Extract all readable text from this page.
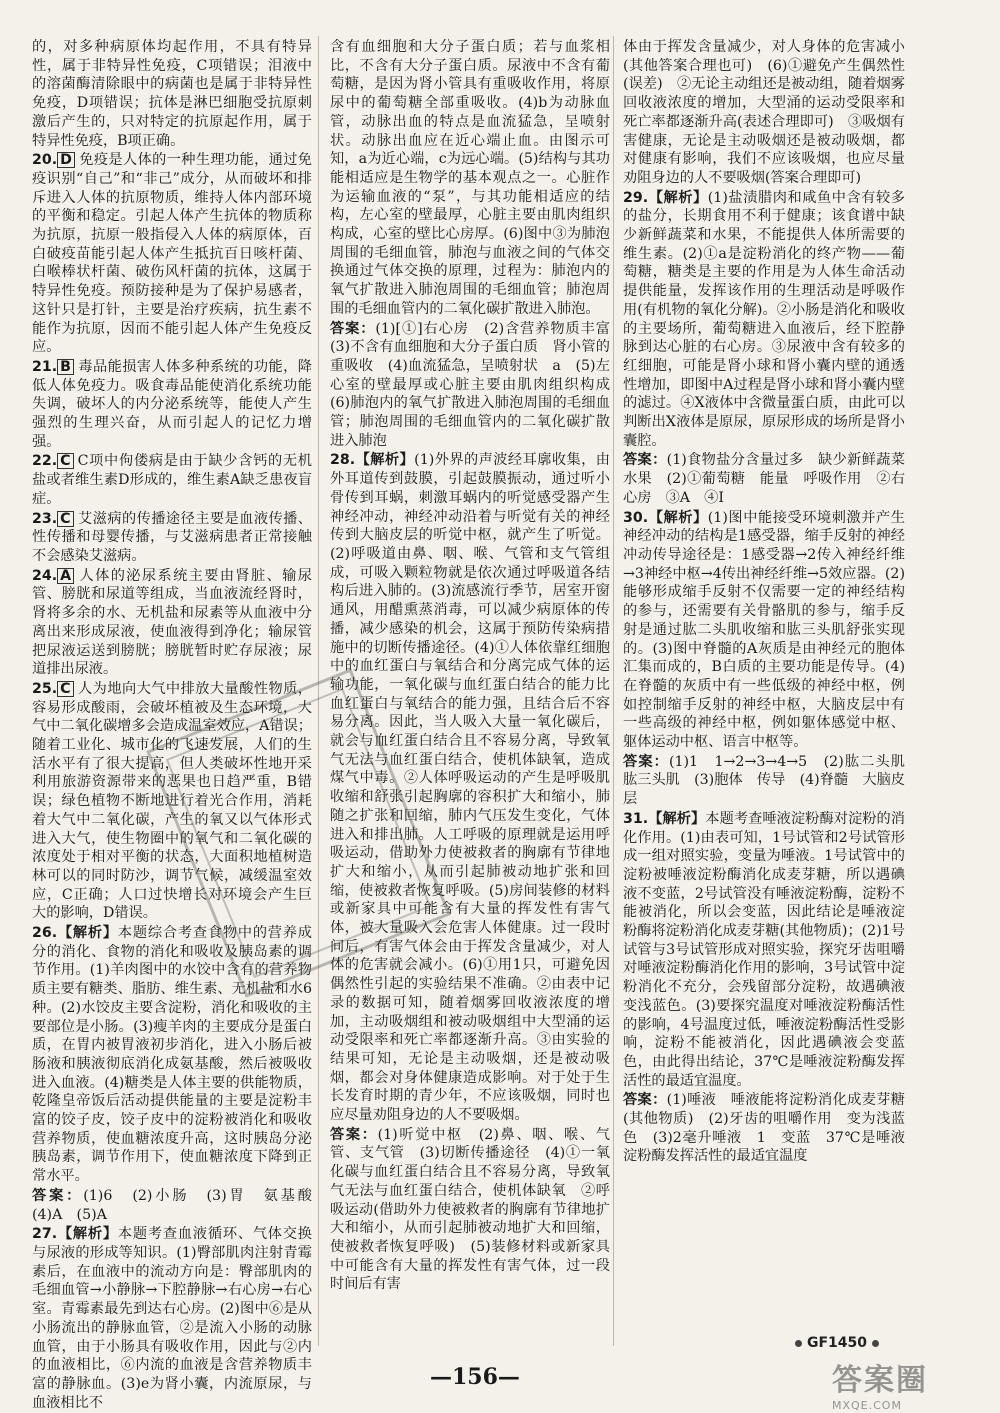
的，对多种病原体均起作用，不具有特异性，属于非特异性免疫，C项错误；泪液中的溶菌酶清除眼中的病菌也是属于非特异性免疫，D项错误；抗体是淋巴细胞受抗原刺激后产生的，只对特定的抗原起作用，属于特异性免疫，B项正确。
20. D 免疫是人体的一种生理功能，通过免疫识别“自己”和“非己”成分，从而破坏和排斥进入人体的抗原物质，维持人体内部环境的平衡和稳定。引起人体产生抗体的物质称为抗原，抗原一般指侵入人体的病原体，百白破疫苗能引起人体产生抵抗百日咳杆菌、白喉棒状杆菌、破伤风杆菌的抗体，这属于特异性免疫。预防接种是为了保护易感者，这针只是打针，主要是治疗疾病，抗生素不能作为抗原，因而不能引起人体产生免疫反应。
21. B 毒品能损害人体多种系统的功能，降低人体免疫力。吸食毒品能使消化系统功能失调，破坏人的内分泌系统等，能使人产生强烈的生理兴奋，从而引起人的记忆力增强。
22. C C项中佝偻病是由于缺少含钙的无机盐或者维生素D形成的，维生素A缺乏患夜盲症。
23. C 艾滋病的传播途径主要是血液传播、性传播和母婴传播，与艾滋病患者正常接触不会感染艾滋病。
24. A 人体的泌尿系统主要由肾脏、输尿管、膀胱和尿道等组成，当血液流经肾时，肾将多余的水、无机盐和尿素等从血液中分离出来形成尿液，使血液得到净化；输尿管把尿液运送到膀胱；膀胱暂时贮存尿液；尿道排出尿液。
25. C 人为地向大气中排放大量酸性物质，容易形成酸雨，会破坏植被及生态环境，大气中二氧化碳增多会造成温室效应，A错误；随着工业化、城市化的飞速发展，人们的生活水平有了很大提高，但人类破坏性地开采利用旅游资源带来的恶果也日趋严重，B错误；绿色植物不断地进行着光合作用，消耗着大气中二氧化碳，产生的氧又以气体形式进入大气，使生物圈中的氧气和二氧化碳的浓度处于相对平衡的状态，大面积地植树造林可以的同时防沙，调节气候，减缓温室效应，C正确；人口过快增长对环境会产生巨大的影响，D错误。
26.【解析】本题综合考查食物中的营养成分的消化、食物的消化和吸收及胰岛素的调节作用。(1)羊肉图中的水饺中含有的营养物质主要有糖类、脂肪、维生素、无机盐和水6种。(2)水饺皮主要含淀粉，消化和吸收的主要部位是小肠。(3)瘦羊肉的主要成分是蛋白质，在胃内被胃液初步消化，进入小肠后被肠液和胰液彻底消化成氨基酸，然后被吸收进入血液。(4)糖类是人体主要的供能物质，乾隆皇帝饭后活动提供能量的主要是淀粉丰富的饺子皮，饺子皮中的淀粉被消化和吸收营养物质，使血糖浓度升高，这时胰岛分泌胰岛素，调节作用下，使血糖浓度下降到正常水平。
答案：(1)6　(2)小肠　(3)胃　氨基酸　(4)A　(5)A
27.【解析】本题考查血液循环、气体交换与尿液的形成等知识。(1)臀部肌肉注射青霉素后，在血液中的流动方向是：臀部肌肉的毛细血管→小静脉→下腔静脉→右心房→右心室。青霉素最先到达右心房。(2)图中⑥是从小肠流出的静脉血管，②是流入小肠的动脉血管，由于小肠具有吸收作用，因此与②内的血液相比，⑥内流的血液是含营养物质丰富的静脉血。(3)e为肾小囊，内流原尿，与血液相比不
含有血细胞和大分子蛋白质；若与血浆相比，不含有大分子蛋白质。尿液中不含有葡萄糖，是因为肾小管具有重吸收作用，将原尿中的葡萄糖全部重吸收。(4)b为动脉血管，动脉出血的特点是血流猛急，呈喷射状。动脉出血应在近心端止血。由图示可知，a为近心端，c为远心端。(5)结构与其功能相适应是生物学的基本观点之一。心脏作为运输血液的“泵”，与其功能相适应的结构，左心室的壁最厚，心脏主要由肌肉组织构成，心室的壁比心房厚。(6)图中③为肺泡周围的毛细血管，肺泡与血液之间的气体交换通过气体交换的原理，过程为：肺泡内的氧气扩散进入肺泡周围的毛细血管；肺泡周围的毛细血管内的二氧化碳扩散进入肺泡。
答案：(1)[①]右心房　(2)含营养物质丰富　(3)不含有血细胞和大分子蛋白质　肾小管的重吸收　(4)血流猛急，呈喷射状　a　(5)左心室的壁最厚或心脏主要由肌肉组织构成　(6)肺泡内的氧气扩散进入肺泡周围的毛细血管；肺泡周围的毛细血管内的二氧化碳扩散进入肺泡
28.【解析】(1)外界的声波经耳廓收集，由外耳道传到鼓膜，引起鼓膜振动，通过听小骨传到耳蜗，刺激耳蜗内的听觉感受器产生神经冲动，神经冲动沿着与听觉有关的神经传到大脑皮层的听觉中枢，就产生了听觉。(2)呼吸道由鼻、咽、喉、气管和支气管组成，可吸入颗粒物就是依次通过呼吸道各结构后进入肺的。(3)流感流行季节，居室开窗通风，用醋熏蒸消毒，可以减少病原体的传播，减少感染的机会，这属于预防传染病措施中的切断传播途径。(4)①人体依靠红细胞中的血红蛋白与氧结合和分离完成气体的运输功能，一氧化碳与血红蛋白结合的能力比血红蛋白与氧结合的能力强，且结合后不容易分离。因此，当人吸入大量一氧化碳后，就会与血红蛋白结合且不容易分离，导致氧气无法与血红蛋白结合，使机体缺氧，造成煤气中毒。②人体呼吸运动的产生是呼吸肌收缩和舒张引起胸廓的容积扩大和缩小，肺随之扩张和回缩，肺内气压发生变化，气体进入和排出肺。人工呼吸的原理就是运用呼吸运动，借助外力使被救者的胸廓有节律地扩大和缩小，从而引起肺被动地扩张和回缩，使被救者恢复呼吸。(5)房间装修的材料或新家具中可能含有大量的挥发性有害气体，被大量吸入会危害人体健康。过一段时间后，有害气体会由于挥发含量减少，对人体的危害就会减小。(6)①用1只，可避免因偶然性引起的实验结果不准确。②由表中记录的数据可知，随着烟雾回收液浓度的增加，主动吸烟组和被动吸烟组中大型涌的运动受限率和死亡率都逐渐升高。③由实验的结果可知，无论是主动吸烟，还是被动吸烟，都会对身体健康造成影响。对于处于生长发育时期的青少年，不应该吸烟，同时也应尽量劝阻身边的人不要吸烟。
答案：(1)听觉中枢　(2)鼻、咽、喉、气管、支气管　(3)切断传播途径　(4)①一氧化碳与血红蛋白结合且不容易分离，导致氧气无法与血红蛋白结合，使机体缺氧　②呼吸运动(借助外力使被救者的胸廓有节律地扩大和缩小，从而引起肺被动地扩大和回缩，使被救者恢复呼吸)　(5)装修材料或新家具中可能含有大量的挥发性有害气体，过一段时间后有害
体由于挥发含量减少，对人身体的危害减小(其他答案合理也可)　(6)①避免产生偶然性(误差)　②无论主动组还是被动组，随着烟雾回收液浓度的增加，大型涌的运动受限率和死亡率都逐渐升高(表述合理即可)　③吸烟有害健康，无论是主动吸烟还是被动吸烟，都对健康有影响，我们不应该吸烟，也应尽量劝阻身边的人不要吸烟(答案合理即可)
29.【解析】(1)盐渍腊肉和咸鱼中含有较多的盐分，长期食用不利于健康；该食谱中缺少新鲜蔬菜和水果，不能提供人体所需要的维生素。(2)①a是淀粉消化的终产物——葡萄糖，糖类是主要的作用是为人体生命活动提供能量，发挥该作用的生理活动是呼吸作用(有机物的氧化分解)。②小肠是消化和吸收的主要场所，葡萄糖进入血液后，经下腔静脉到达心脏的右心房。③尿液中含有较多的红细胞，可能是肾小球和肾小囊内壁的通透性增加，即图中A过程是肾小球和肾小囊内壁的滤过。④X液体中含微量蛋白质，由此可以判断出X液体是原尿，原尿形成的场所是肾小囊腔。
答案：(1)食物盐分含量过多　缺少新鲜蔬菜水果　(2)①葡萄糖　能量　呼吸作用　②右心房　③A　④Ⅰ
30.【解析】(1)图中能接受环境刺激并产生神经冲动的结构是1感受器，缩手反射的神经冲动传导途径是：1感受器→2传入神经纤维→3神经中枢→4传出神经纤维→5效应器。(2)能够形成缩手反射不仅需要一定的神经结构的参与，还需要有关骨骼肌的参与，缩手反射是通过肱二头肌收缩和肱三头肌舒张实现的。(3)图中脊髓的A灰质是由神经元的胞体汇集而成的，B白质的主要功能是传导。(4)在脊髓的灰质中有一些低级的神经中枢，例如控制缩手反射的神经中枢，大脑皮层中有一些高级的神经中枢，例如躯体感觉中枢、躯体运动中枢、语言中枢等。
答案：(1)1　1→2→3→4→5　(2)肱二头肌　肱三头肌　(3)胞体　传导　(4)脊髓　大脑皮层
31.【解析】本题考查唾液淀粉酶对淀粉的消化作用。(1)由表可知，1号试管和2号试管形成一组对照实验，变量为唾液。1号试管中的淀粉被唾液淀粉酶消化成麦芽糖，所以遇碘液不变蓝，2号试管没有唾液淀粉酶，淀粉不能被消化，所以会变蓝，因此结论是唾液淀粉酶将淀粉消化成麦芽糖(其他物质)；(2)1号试管与3号试管形成对照实验，探究牙齿咀嚼对唾液淀粉酶消化作用的影响，3号试管中淀粉消化不充分，会残留部分淀粉，故遇碘液变浅蓝色。(3)要探究温度对唾液淀粉酶活性的影响，4号温度过低，唾液淀粉酶活性受影响，淀粉不能被消化，因此遇碘液会变蓝色，由此得出结论，37℃是唾液淀粉酶发挥活性的最适宜温度。
答案：(1)唾液　唾液能将淀粉消化成麦芽糖(其他物质)　(2)牙齿的咀嚼作用　变为浅蓝色　(3)2毫升唾液　1　变蓝　37℃是唾液淀粉酶发挥活性的最适宜温度
GF1450
—156—	答案圈
MXQE.COM
